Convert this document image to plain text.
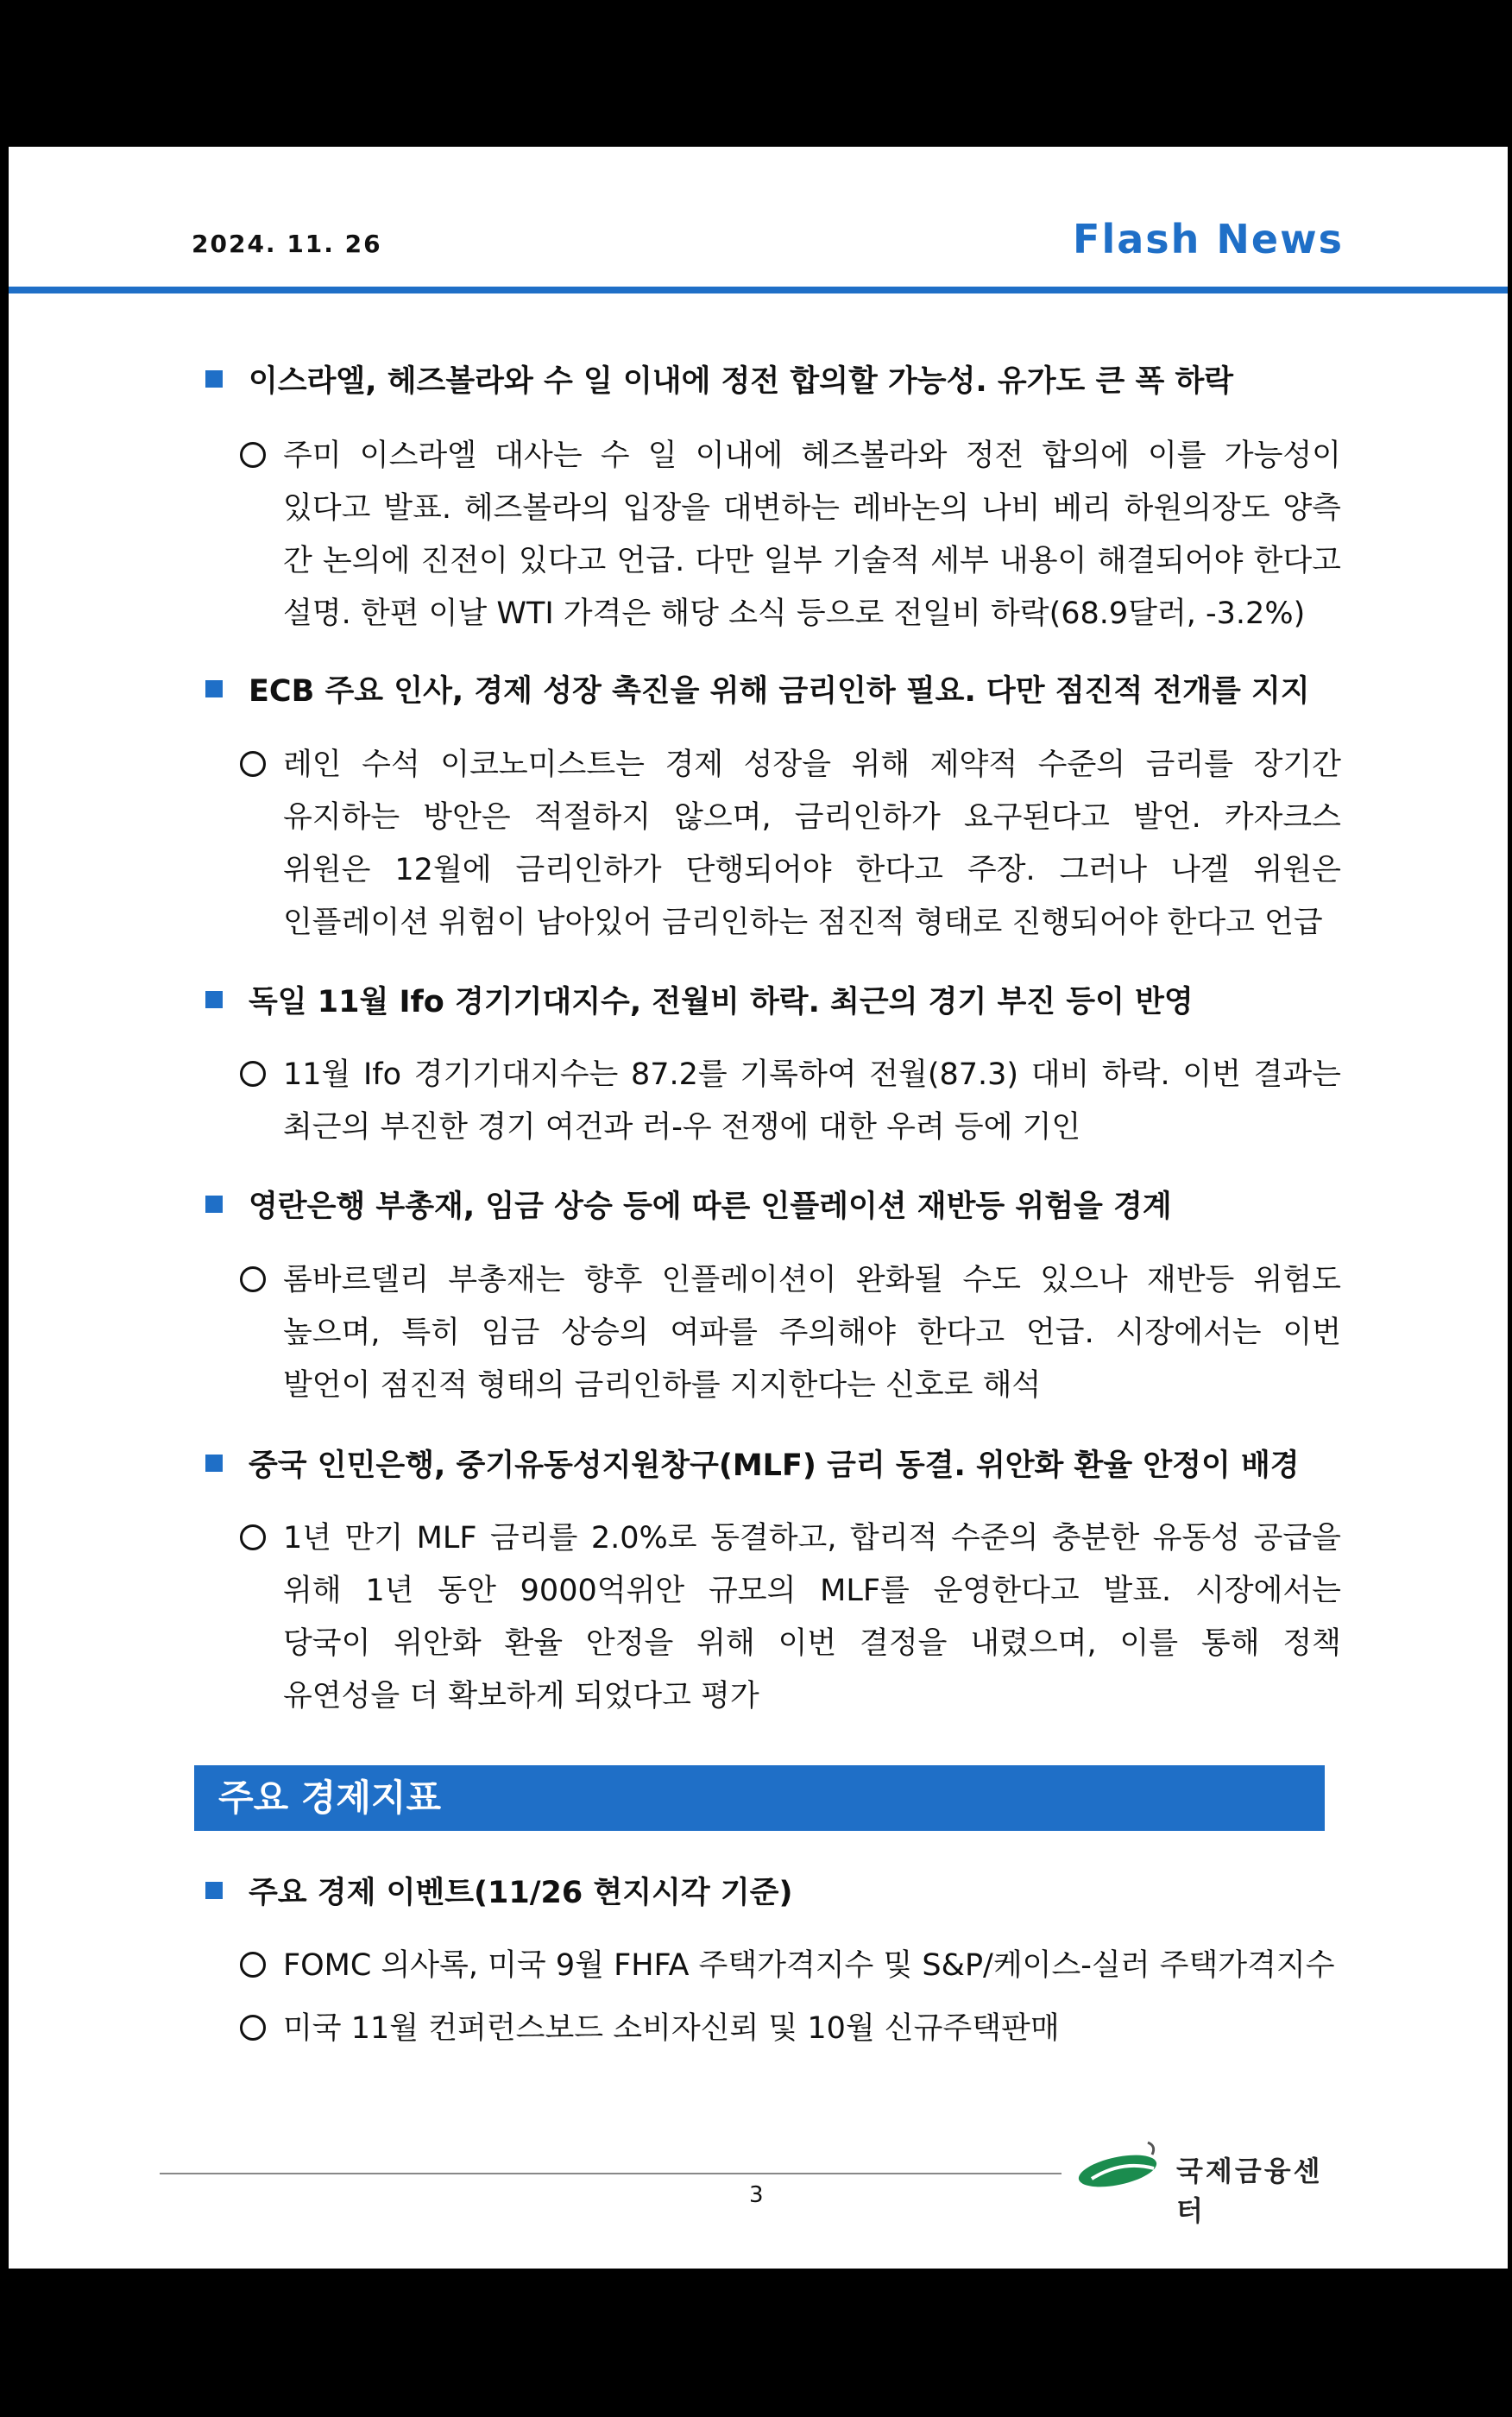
2024. 11. 26	Flash News
이스라엘, 헤즈볼라와 수 일 이내에 정전 합의할 가능성. 유가도 큰 폭 하락
주미 이스라엘 대사는 수 일 이내에 헤즈볼라와 정전 합의에 이를 가능성이
있다고 발표. 헤즈볼라의 입장을 대변하는 레바논의 나비 베리 하원의장도 양측
간 논의에 진전이 있다고 언급. 다만 일부 기술적 세부 내용이 해결되어야 한다고
설명. 한편 이날 WTI 가격은 해당 소식 등으로 전일비 하락(68.9달러, -3.2%)
ECB 주요 인사, 경제 성장 촉진을 위해 금리인하 필요. 다만 점진적 전개를 지지
레인 수석 이코노미스트는 경제 성장을 위해 제약적 수준의 금리를 장기간
유지하는 방안은 적절하지 않으며, 금리인하가 요구된다고 발언. 카자크스
위원은 12월에 금리인하가 단행되어야 한다고 주장. 그러나 나겔 위원은
인플레이션 위험이 남아있어 금리인하는 점진적 형태로 진행되어야 한다고 언급
독일 11월 Ifo 경기기대지수, 전월비 하락. 최근의 경기 부진 등이 반영
11월 Ifo 경기기대지수는 87.2를 기록하여 전월(87.3) 대비 하락. 이번 결과는
최근의 부진한 경기 여건과 러-우 전쟁에 대한 우려 등에 기인
영란은행 부총재, 임금 상승 등에 따른 인플레이션 재반등 위험을 경계
롬바르델리 부총재는 향후 인플레이션이 완화될 수도 있으나 재반등 위험도
높으며, 특히 임금 상승의 여파를 주의해야 한다고 언급. 시장에서는 이번
발언이 점진적 형태의 금리인하를 지지한다는 신호로 해석
중국 인민은행, 중기유동성지원창구(MLF) 금리 동결. 위안화 환율 안정이 배경
1년 만기 MLF 금리를 2.0%로 동결하고, 합리적 수준의 충분한 유동성 공급을
위해 1년 동안 9000억위안 규모의 MLF를 운영한다고 발표. 시장에서는
당국이 위안화 환율 안정을 위해 이번 결정을 내렸으며, 이를 통해 정책
유연성을 더 확보하게 되었다고 평가
주요 경제지표
주요 경제 이벤트(11/26 현지시각 기준)
FOMC 의사록, 미국 9월 FHFA 주택가격지수 및 S&P/케이스-실러 주택가격지수
미국 11월 컨퍼런스보드 소비자신뢰 및 10월 신규주택판매
국제금융센터
3
